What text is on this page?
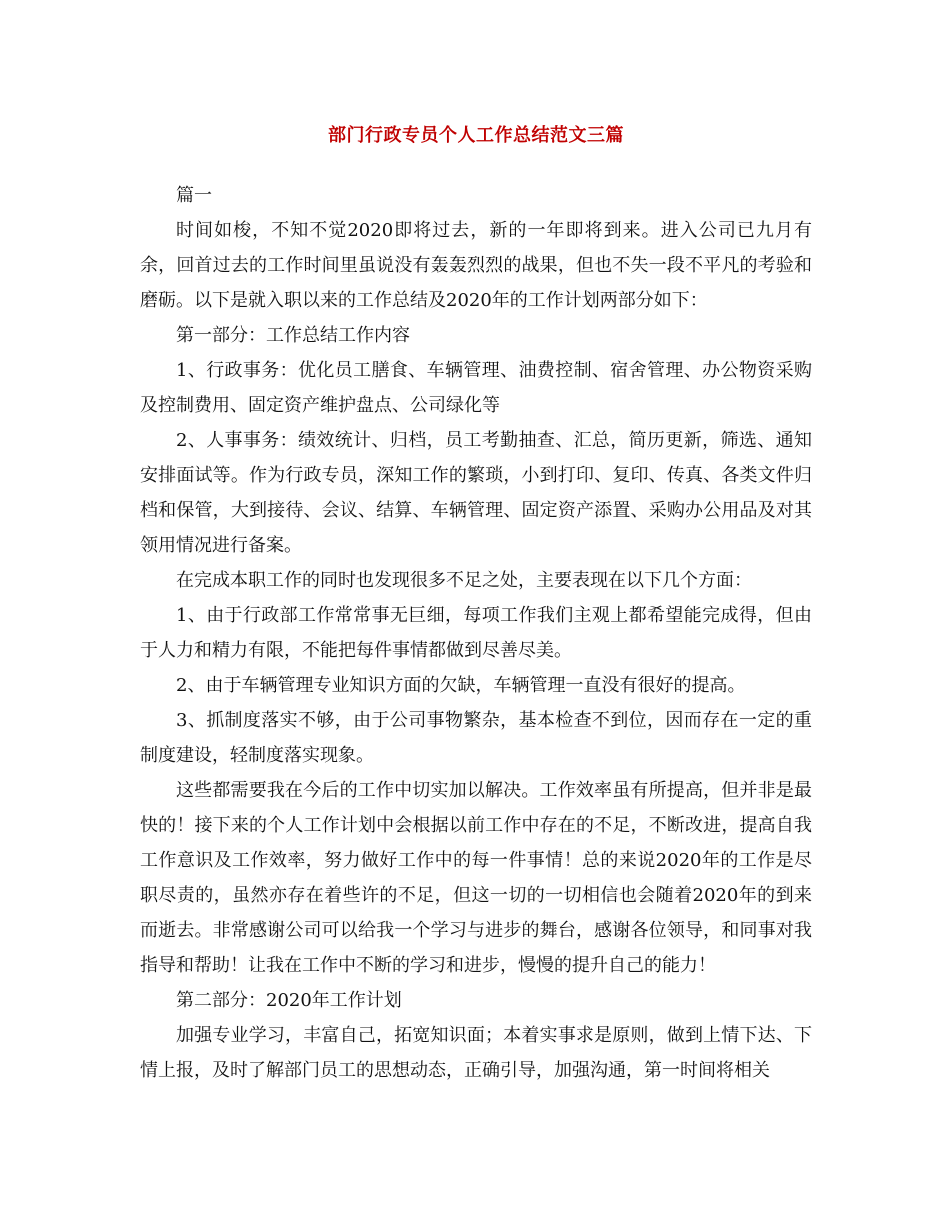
部门行政专员个人工作总结范文三篇

篇一

时间如梭，不知不觉2020即将过去，新的一年即将到来。进入公司已九月有余，回首过去的工作时间里虽说没有轰轰烈烈的战果，但也不失一段不平凡的考验和磨砺。以下是就入职以来的工作总结及2020年的工作计划两部分如下：

第一部分：工作总结工作内容

1、行政事务：优化员工膳食、车辆管理、油费控制、宿舍管理、办公物资采购及控制费用、固定资产维护盘点、公司绿化等

2、人事事务：绩效统计、归档，员工考勤抽查、汇总，简历更新，筛选、通知安排面试等。作为行政专员，深知工作的繁琐，小到打印、复印、传真、各类文件归档和保管，大到接待、会议、结算、车辆管理、固定资产添置、采购办公用品及对其领用情况进行备案。

在完成本职工作的同时也发现很多不足之处，主要表现在以下几个方面：

1、由于行政部工作常常事无巨细，每项工作我们主观上都希望能完成得，但由于人力和精力有限，不能把每件事情都做到尽善尽美。

2、由于车辆管理专业知识方面的欠缺，车辆管理一直没有很好的提高。

3、抓制度落实不够，由于公司事物繁杂，基本检查不到位，因而存在一定的重制度建设，轻制度落实现象。

这些都需要我在今后的工作中切实加以解决。工作效率虽有所提高，但并非是最快的！接下来的个人工作计划中会根据以前工作中存在的不足，不断改进，提高自我工作意识及工作效率，努力做好工作中的每一件事情！总的来说2020年的工作是尽职尽责的，虽然亦存在着些许的不足，但这一切的一切相信也会随着2020年的到来而逝去。非常感谢公司可以给我一个学习与进步的舞台，感谢各位领导，和同事对我指导和帮助！让我在工作中不断的学习和进步，慢慢的提升自己的能力！

第二部分：2020年工作计划

加强专业学习，丰富自己，拓宽知识面；本着实事求是原则，做到上情下达、下情上报，及时了解部门员工的思想动态，正确引导，加强沟通，第一时间将相关
